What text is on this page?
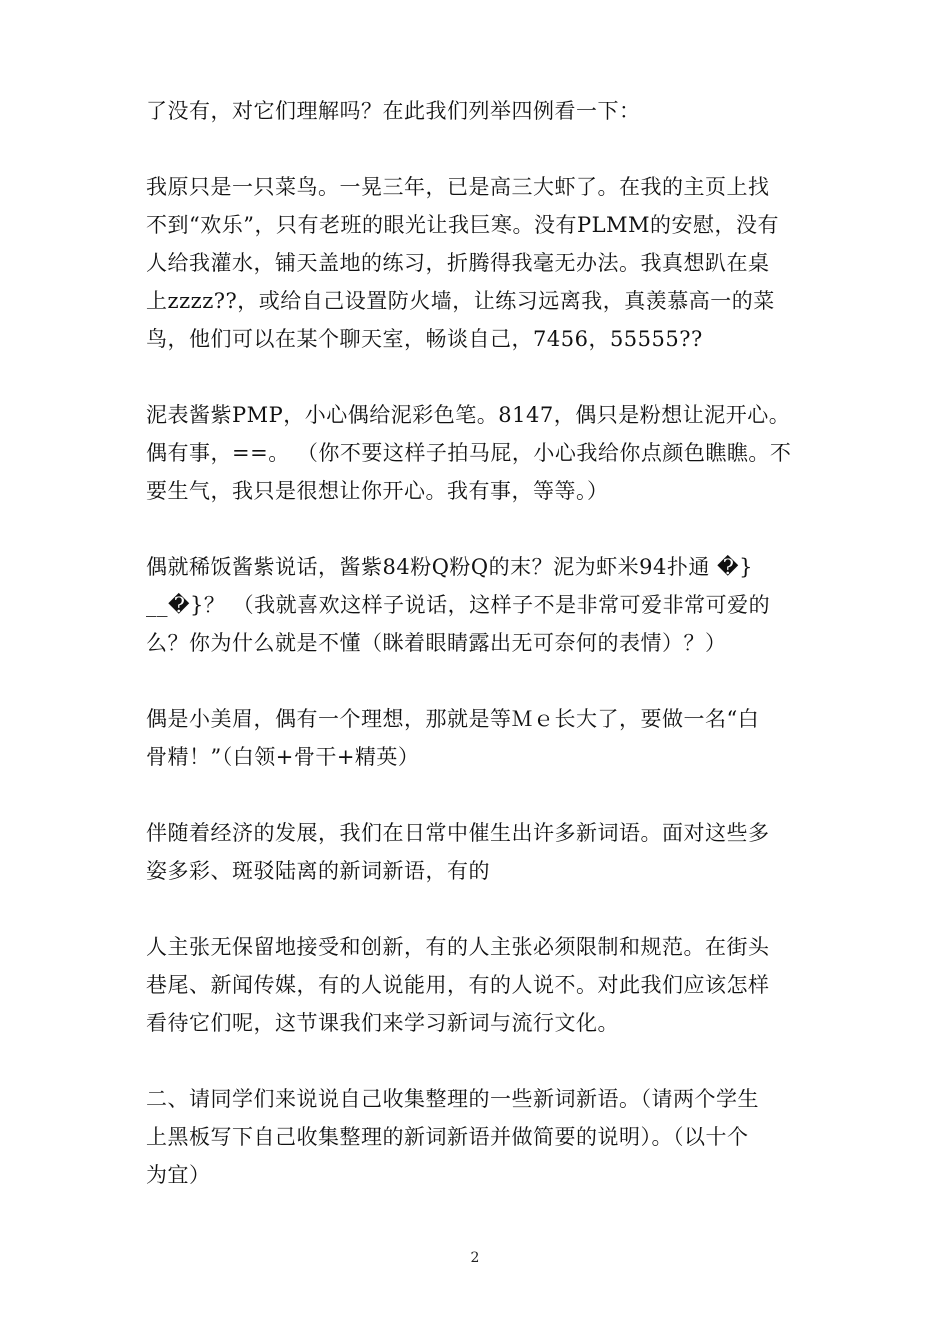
了没有，对它们理解吗？在此我们列举四例看一下：

我原只是一只菜鸟。一晃三年，已是高三大虾了。在我的主页上找
不到“欢乐”，只有老班的眼光让我巨寒。没有PLMM的安慰，没有
人给我灌水，铺天盖地的练习，折腾得我毫无办法。我真想趴在桌
上zzzz??，或给自己设置防火墙，让练习远离我，真羡慕高一的菜
鸟，他们可以在某个聊天室，畅谈自己，7456，55555??

泥表酱紫PMP，小心偶给泥彩色笔。8147，偶只是粉想让泥开心。
偶有事，==。 （你不要这样子拍马屁，小心我给你点颜色瞧瞧。不
要生气，我只是很想让你开心。我有事，等等。）

偶就稀饭酱紫说话，酱紫84粉Q粉Q的末？泥为虾米94扑通 �}
__�}？ （我就喜欢这样子说话，这样子不是非常可爱非常可爱的
么？你为什么就是不懂（眯着眼睛露出无可奈何的表情）？）

偶是小美眉，偶有一个理想，那就是等Ｍｅ长大了，要做一名“白
骨精！”（白领+骨干+精英）

伴随着经济的发展，我们在日常中催生出许多新词语。面对这些多
姿多彩、斑驳陆离的新词新语，有的

人主张无保留地接受和创新，有的人主张必须限制和规范。在街头
巷尾、新闻传媒，有的人说能用，有的人说不。对此我们应该怎样
看待它们呢，这节课我们来学习新词与流行文化。

二、请同学们来说说自己收集整理的一些新词新语。（请两个学生
上黑板写下自己收集整理的新词新语并做简要的说明）。（以十个
为宜）

2
